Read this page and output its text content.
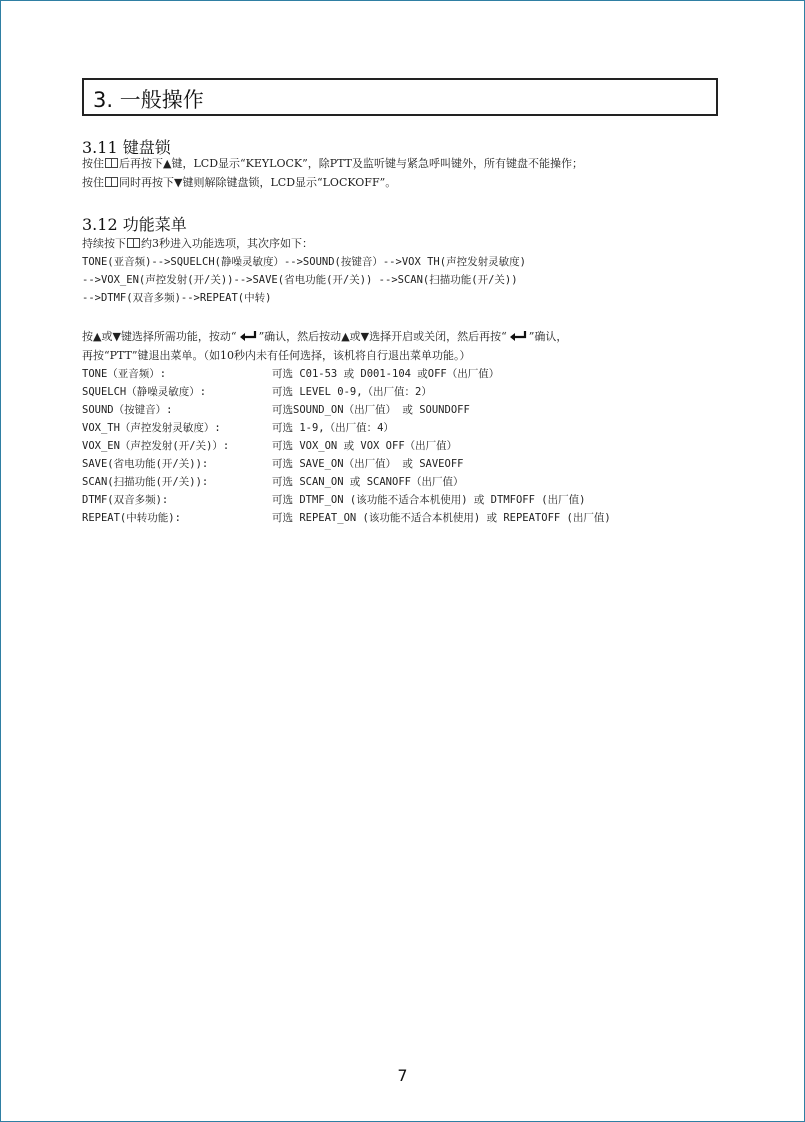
3. 一般操作
3.11 键盘锁
按住 后再按下▲键，LCD显示“KEYLOCK”，除PTT及监听键与紧急呼叫键外，所有键盘不能操作；
按住 同时再按下▼键则解除键盘锁，LCD显示“LOCKOFF”。
3.12 功能菜单
持续按下 约3秒进入功能选项，其次序如下：
TONE(亚音频)-->SQUELCH(静噪灵敏度）-->SOUND(按键音）-->VOX TH(声控发射灵敏度)
-->VOX_EN(声控发射(开/关))-->SAVE(省电功能(开/关)) -->SCAN(扫描功能(开/关))
-->DTMF(双音多频)-->REPEAT(中转)
按▲或▼键选择所需功能，按动“ ”确认，然后按动▲或▼选择开启或关闭，然后再按“ ”确认，
再按“PTT”键退出菜单。（如10秒内未有任何选择，该机将自行退出菜单功能。）
TONE（亚音频）:	可选 C01-53 或 D001-104 或OFF（出厂值）
SQUELCH（静噪灵敏度）:	可选 LEVEL 0-9,（出厂值：2）
SOUND（按键音）:	可选SOUND_ON（出厂值） 或 SOUNDOFF
VOX_TH（声控发射灵敏度）:	可选 1-9,（出厂值：4）
VOX_EN（声控发射(开/关)）:	可选 VOX_ON 或 VOX OFF（出厂值）
SAVE(省电功能(开/关)):	可选 SAVE_ON（出厂值） 或 SAVEOFF
SCAN(扫描功能(开/关)):	可选 SCAN_ON 或 SCANOFF（出厂值）
DTMF(双音多频):	可选 DTMF_ON (该功能不适合本机使用) 或 DTMFOFF (出厂值)
REPEAT(中转功能):	可选 REPEAT_ON (该功能不适合本机使用) 或 REPEATOFF (出厂值)
7
